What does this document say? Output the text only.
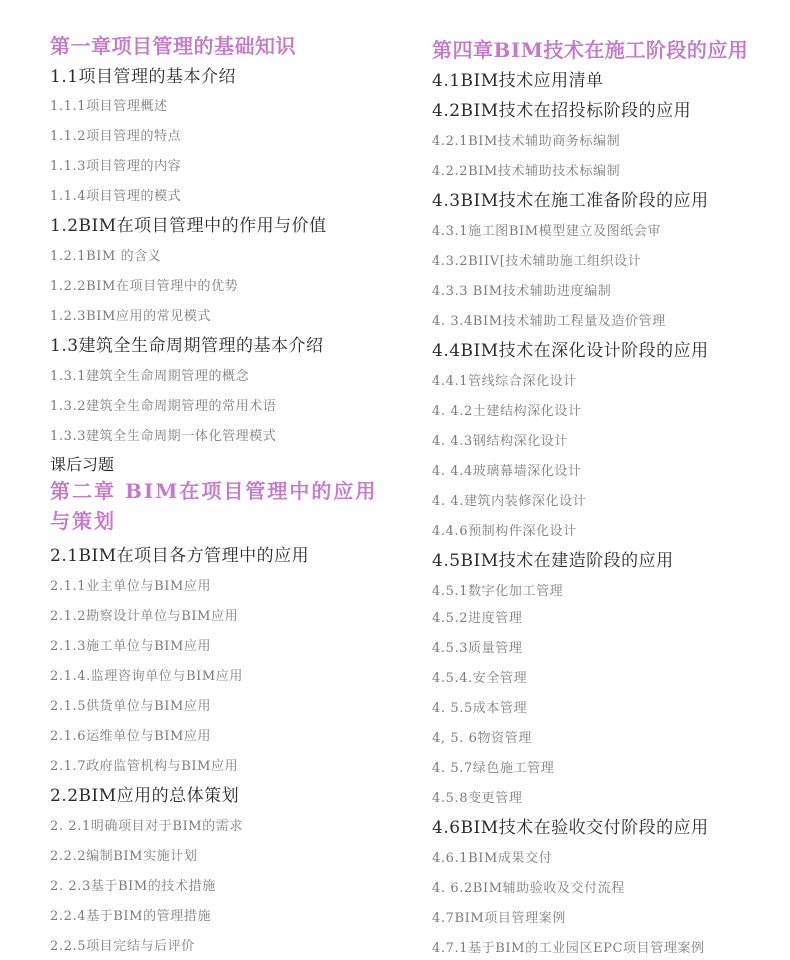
第一章项目管理的基础知识
1.1项目管理的基本介绍
1.1.1项目管理概述
1.1.2项目管理的特点
1.1.3项目管理的内容
1.1.4项目管理的模式
1.2BIM在项目管理中的作用与价值
1.2.1BIM 的含义
1.2.2BIM在项目管理中的优势
1.2.3BIM应用的常见模式
1.3建筑全生命周期管理的基本介绍
1.3.1建筑全生命周期管理的概念
1.3.2建筑全生命周期管理的常用术语
1.3.3建筑全生命周期一体化管理模式
课后习题
第二章 BIM在项目管理中的应用与策划
2.1BIM在项目各方管理中的应用
2.1.1业主单位与BIM应用
2.1.2勘察设计单位与BIM应用
2.1.3施工单位与BIM应用
2.1.4.监理咨询单位与BIM应用
2.1.5供货单位与BIM应用
2.1.6运维单位与BIM应用
2.1.7政府监管机构与BIM应用
2.2BIM应用的总体策划
2. 2.1明确项目对于BIM的需求
2.2.2编制BIM实施计划
2. 2.3基于BIM的技术措施
2.2.4基于BIM的管理措施
2.2.5项目完结与后评价
第四章BIM技术在施工阶段的应用
4.1BIM技术应用清单
4.2BIM技术在招投标阶段的应用
4.2.1BIM技术辅助商务标编制
4.2.2BIM技术辅助技术标编制
4.3BIM技术在施工准备阶段的应用
4.3.1施工图BIM模型建立及图纸会审
4.3.2BIIV[技术辅助施工组织设计
4.3.3 BIM技术辅助进度编制
4. 3.4BIM技术辅助工程量及造价管理
4.4BIM技术在深化设计阶段的应用
4.4.1管线综合深化设计
4. 4.2土建结构深化设计
4. 4.3钢结构深化设计
4. 4.4玻璃幕墙深化设计
4. 4.建筑内装修深化设计
4.4.6预制构件深化设计
4.5BIM技术在建造阶段的应用
4.5.1数字化加工管理
4.5.2进度管理
4.5.3质量管理
4.5.4.安全管理
4. 5.5成本管理
4, 5. 6物资管理
4. 5.7绿色施工管理
4.5.8变更管理
4.6BIM技术在验收交付阶段的应用
4.6.1BIM成果交付
4. 6.2BIM辅助验收及交付流程
4.7BIM项目管理案例
4.7.1基于BIM的工业园区EPC项目管理案例
